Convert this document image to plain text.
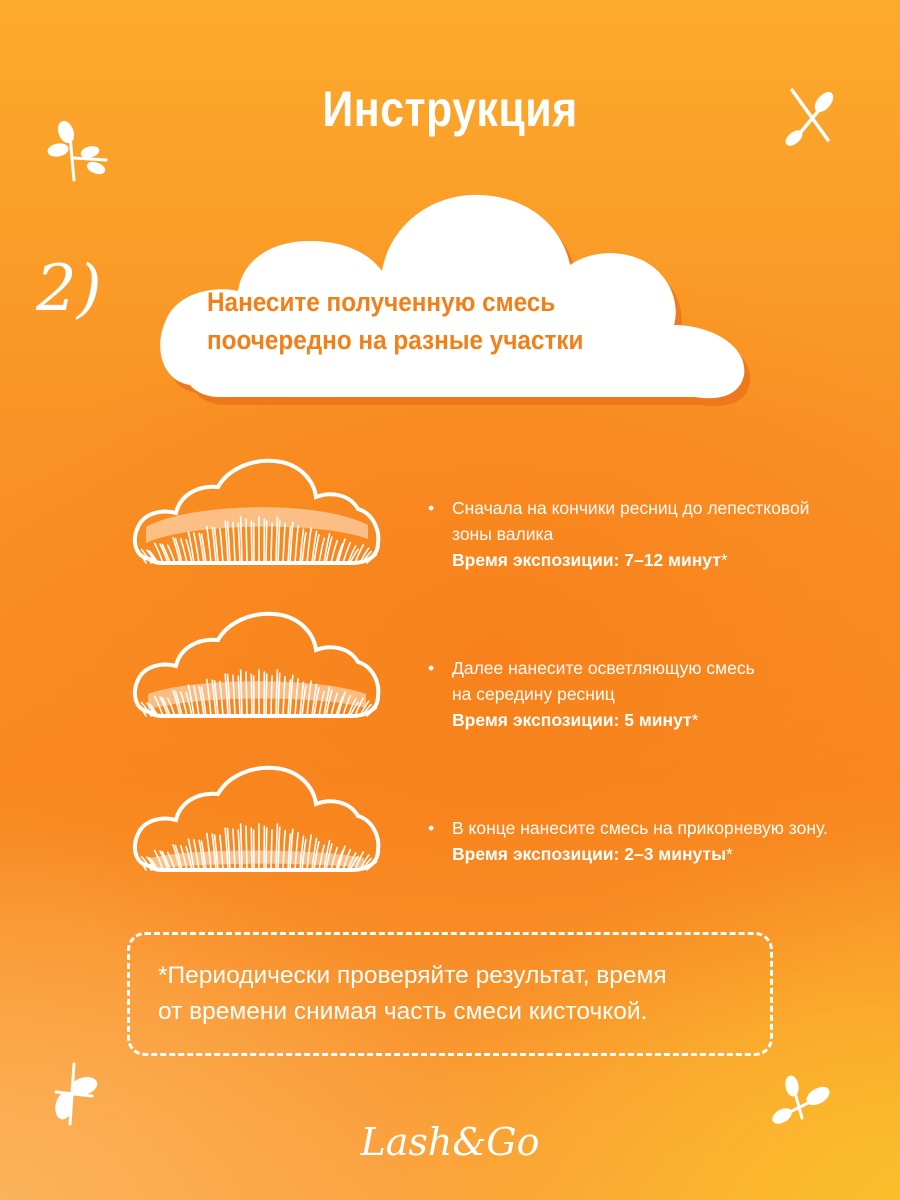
Инструкция
2)	Нанесите полученную смесь
поочередно на разные участки
• Сначала на кончики ресниц до лепестковой
зоны валика
Время экспозиции: 7–12 минут*
• Далее нанесите осветляющую смесь
на середину ресниц
Время экспозиции: 5 минут*
• В конце нанесите смесь на прикорневую зону.
Время экспозиции: 2–3 минуты*
*Периодически проверяйте результат, время
от времени снимая часть смеси кисточкой.
Lash&Go
